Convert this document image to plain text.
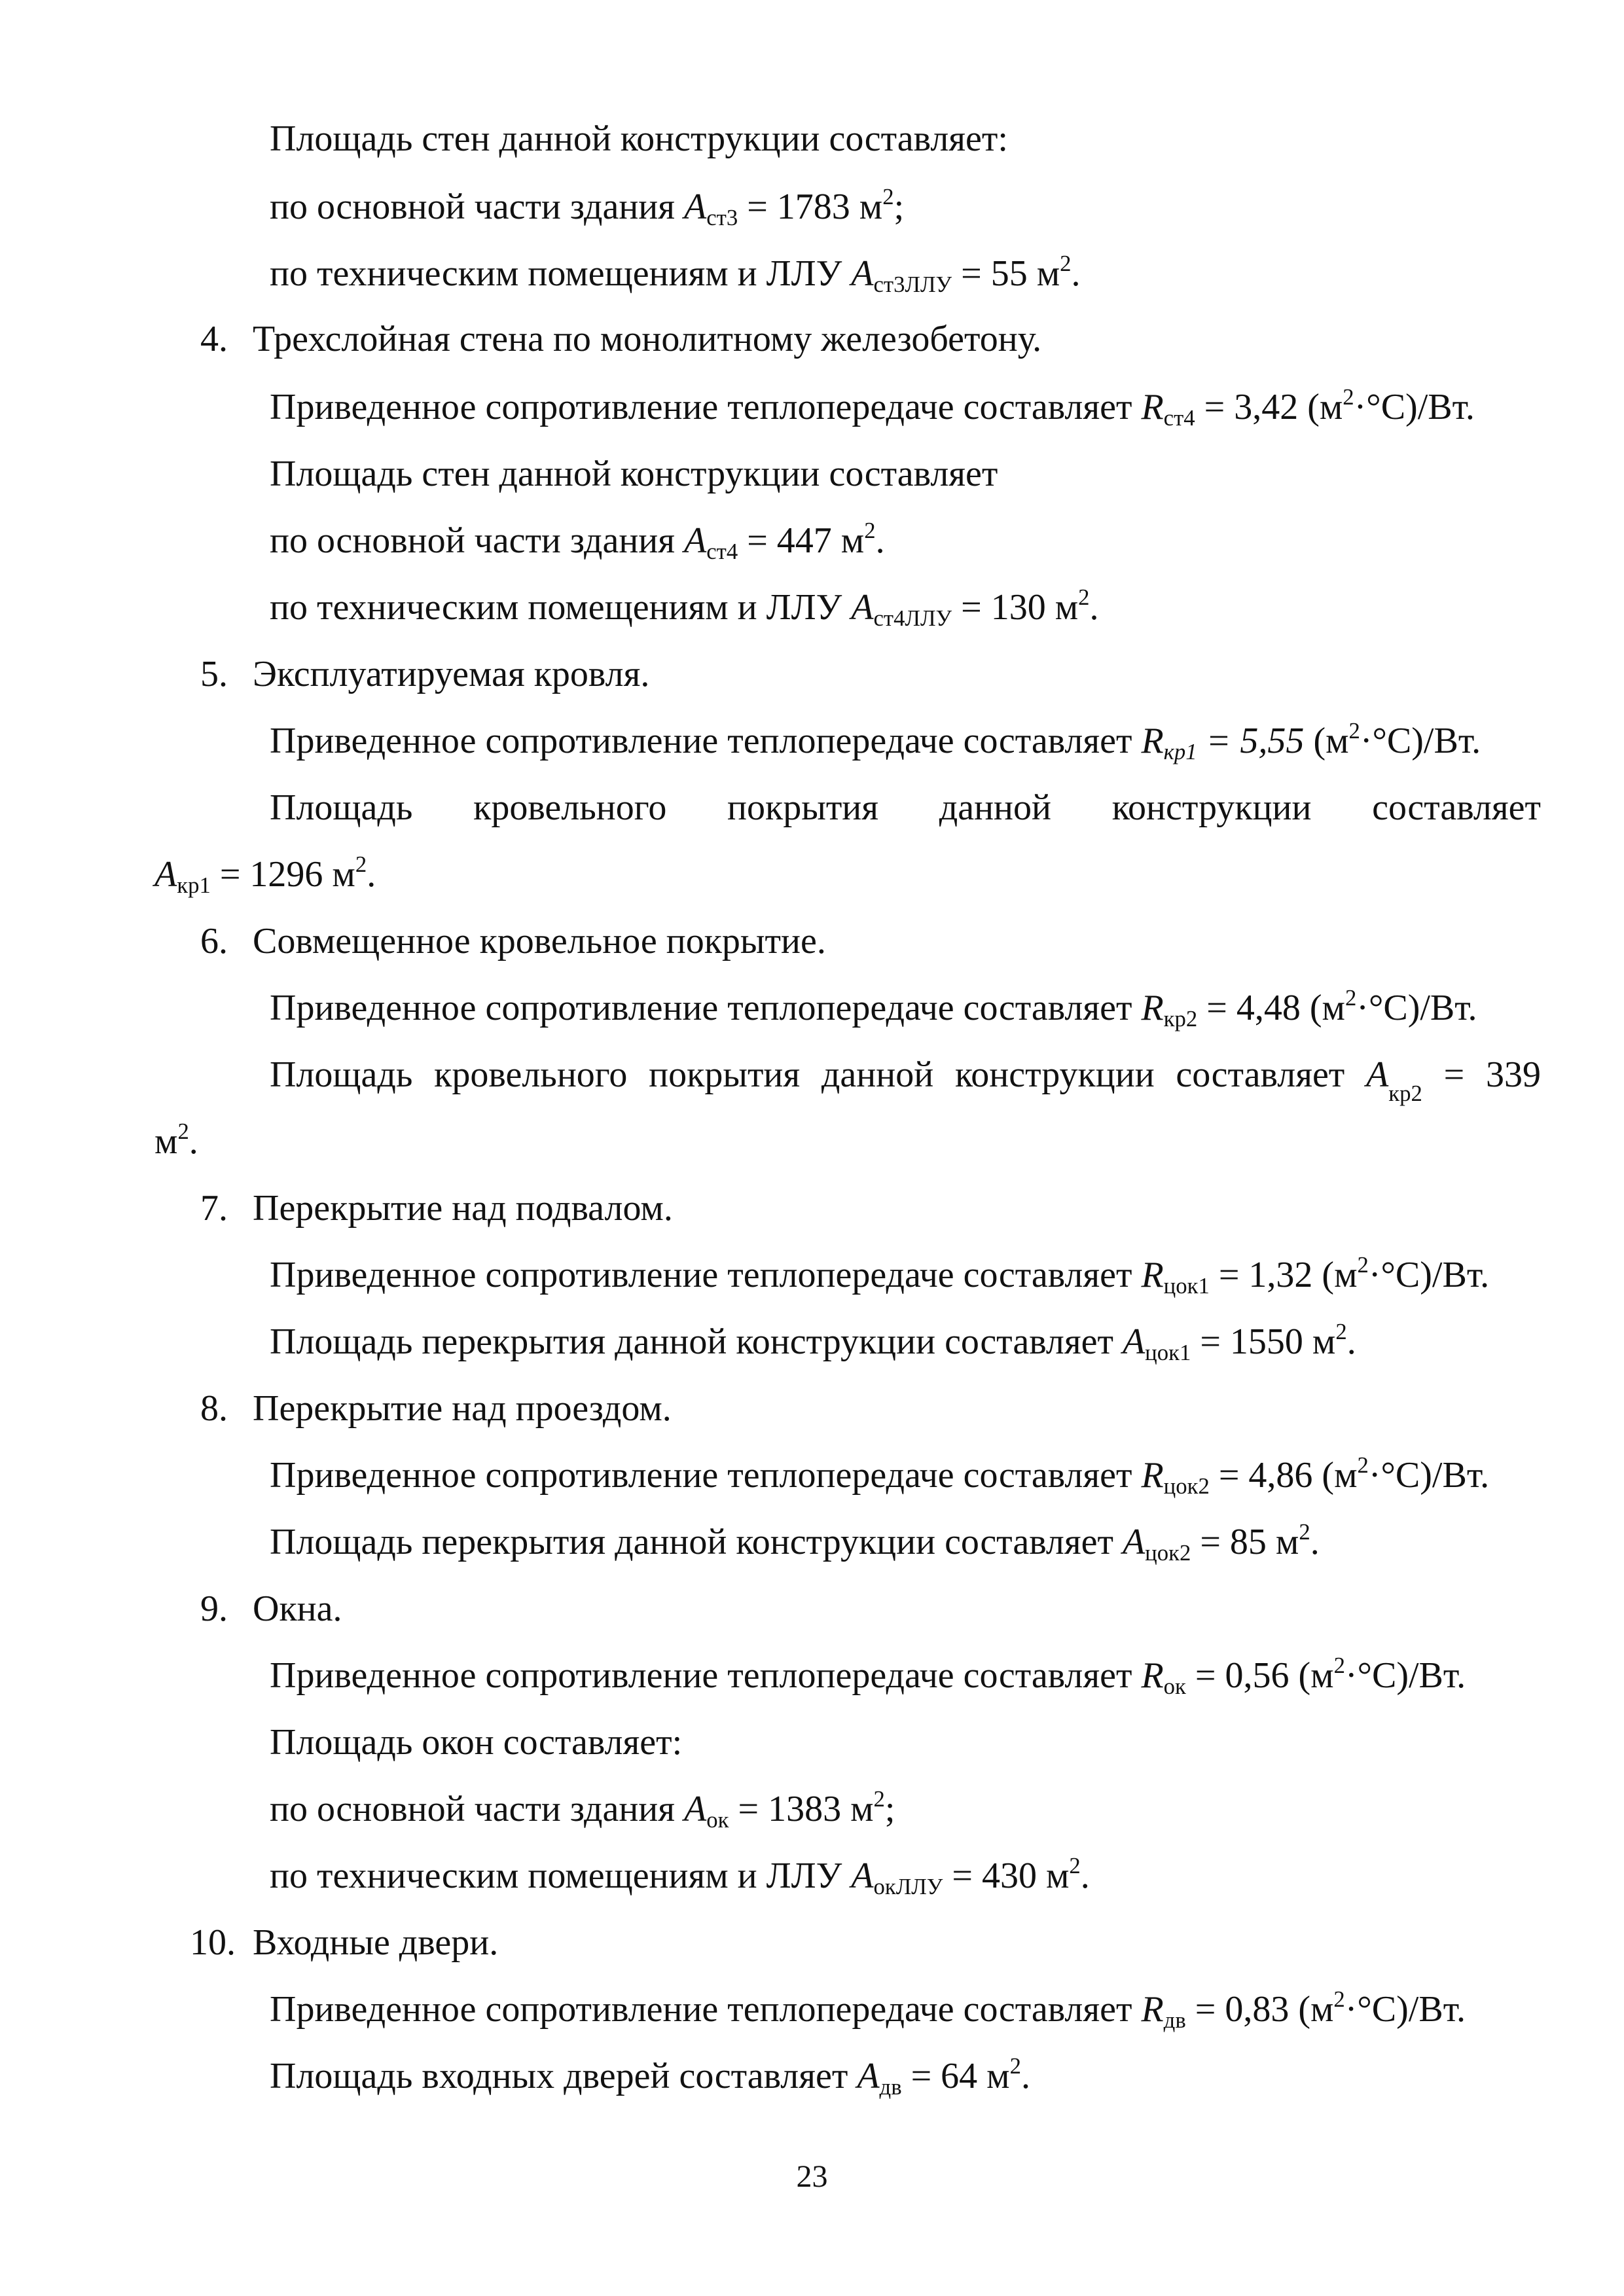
Площадь стен данной конструкции составляет:
по основной части здания $A_{ст3} = 1783$ $м^2$;
по техническим помещениям и ЛЛУ $A_{ст3ЛЛУ} = 55$ $м^2$.
4. Трехслойная стена по монолитному железобетону.
Приведенное сопротивление теплопередаче составляет $R_{ст4} = 3,42$ $(м^2\cdot^\circ С)/Вт$.
Площадь стен данной конструкции составляет
по основной части здания $A_{ст4} = 447$ $м^2$.
по техническим помещениям и ЛЛУ $A_{ст4ЛЛУ} = 130$ $м^2$.
5. Эксплуатируемая кровля.
Приведенное сопротивление теплопередаче составляет $R_{кр1} = 5,55$ $(м^2\cdot^\circ С)/Вт$.
Площадь кровельного покрытия данной конструкции составляет
$A_{кр1} = 1296$ $м^2$.
6. Совмещенное кровельное покрытие.
Приведенное сопротивление теплопередаче составляет $R_{кр2} = 4,48$ $(м^2\cdot^\circ С)/Вт$.
Площадь кровельного покрытия данной конструкции составляет $A_{кр2} = 339$
$м^2$.
7. Перекрытие над подвалом.
Приведенное сопротивление теплопередаче составляет $R_{цок1} = 1,32$ $(м^2\cdot^\circ С)/Вт$.
Площадь перекрытия данной конструкции составляет $A_{цок1} = 1550$ $м^2$.
8. Перекрытие над проездом.
Приведенное сопротивление теплопередаче составляет $R_{цок2} = 4,86$ $(м^2\cdot^\circ С)/Вт$.
Площадь перекрытия данной конструкции составляет $A_{цок2} = 85$ $м^2$.
9. Окна.
Приведенное сопротивление теплопередаче составляет $R_{ок} = 0,56$ $(м^2\cdot^\circ С)/Вт$.
Площадь окон составляет:
по основной части здания $A_{ок} = 1383$ $м^2$;
по техническим помещениям и ЛЛУ $A_{окЛЛУ} = 430$ $м^2$.
10. Входные двери.
Приведенное сопротивление теплопередаче составляет $R_{дв} = 0,83$ $(м^2\cdot^\circ С)/Вт$.
Площадь входных дверей составляет $A_{дв} = 64$ $м^2$.
23
